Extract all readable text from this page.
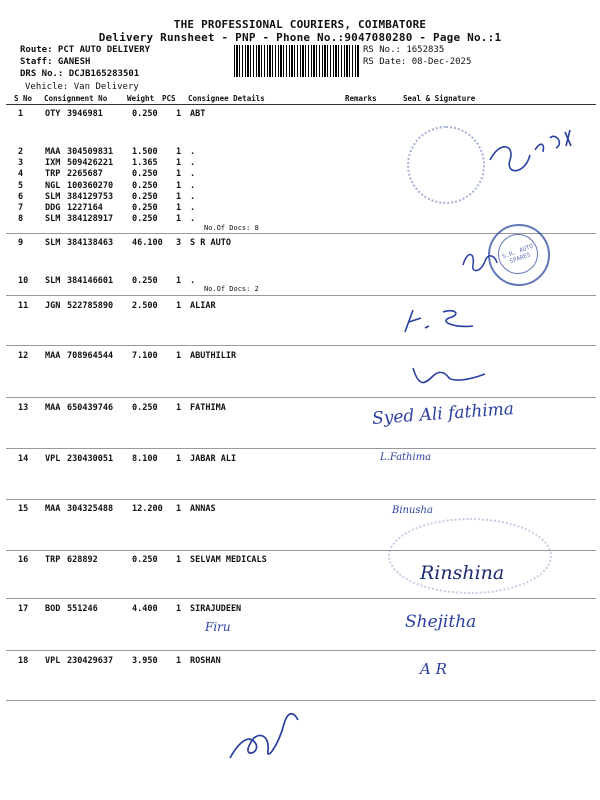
THE PROFESSIONAL COURIERS, COIMBATORE
Delivery Runsheet - PNP - Phone No.:9047080280 - Page No.:1
Route: PCT AUTO DELIVERY
Staff: GANESH
DRS No.: DCJB165283501
Vehicle: Van Delivery
RS No.: 1652835
RS Date: 08-Dec-2025
S No Consignment No	Weight PCS Consignee Details	Remarks	Seal & Signature
1	OTY 3946981	0.250 1 ABT
2	MAA 304509831 1.500 1 .
3	IXM 509426221 1.365 1 .
4	TRP 2265687	0.250 1 .
5	NGL 100360270 0.250 1 .
6	SLM 384129753 0.250 1 .
7	DDG 1227164	0.250 1 .
8	SLM 384128917 0.250 1 .
9	SLM 384138463 46.100 3 S R AUTO
10 SLM 384146601 0.250 1 .
11 JGN 522785890 2.500 1 ALIAR
12 MAA 708964544 7.100 1 ABUTHILIR
13 MAA 650439746 0.250 1 FATHIMA
14 VPL 230430051 8.100 1 JABAR ALI
15 MAA 304325488 12.200 1 ANNAS
16 TRP 628892	0.250 1 SELVAM MEDICALS
17 BOD 551246	4.400 1 SIRAJUDEEN
18 VPL 230429637 3.950 1 ROSHAN
No.Of Docs: 8
No.Of Docs: 2
S.R. AUTO SPARES
Syed Ali fathima
L.Fathima
Binusha
Rinshina
Firu	Shejitha
A R
